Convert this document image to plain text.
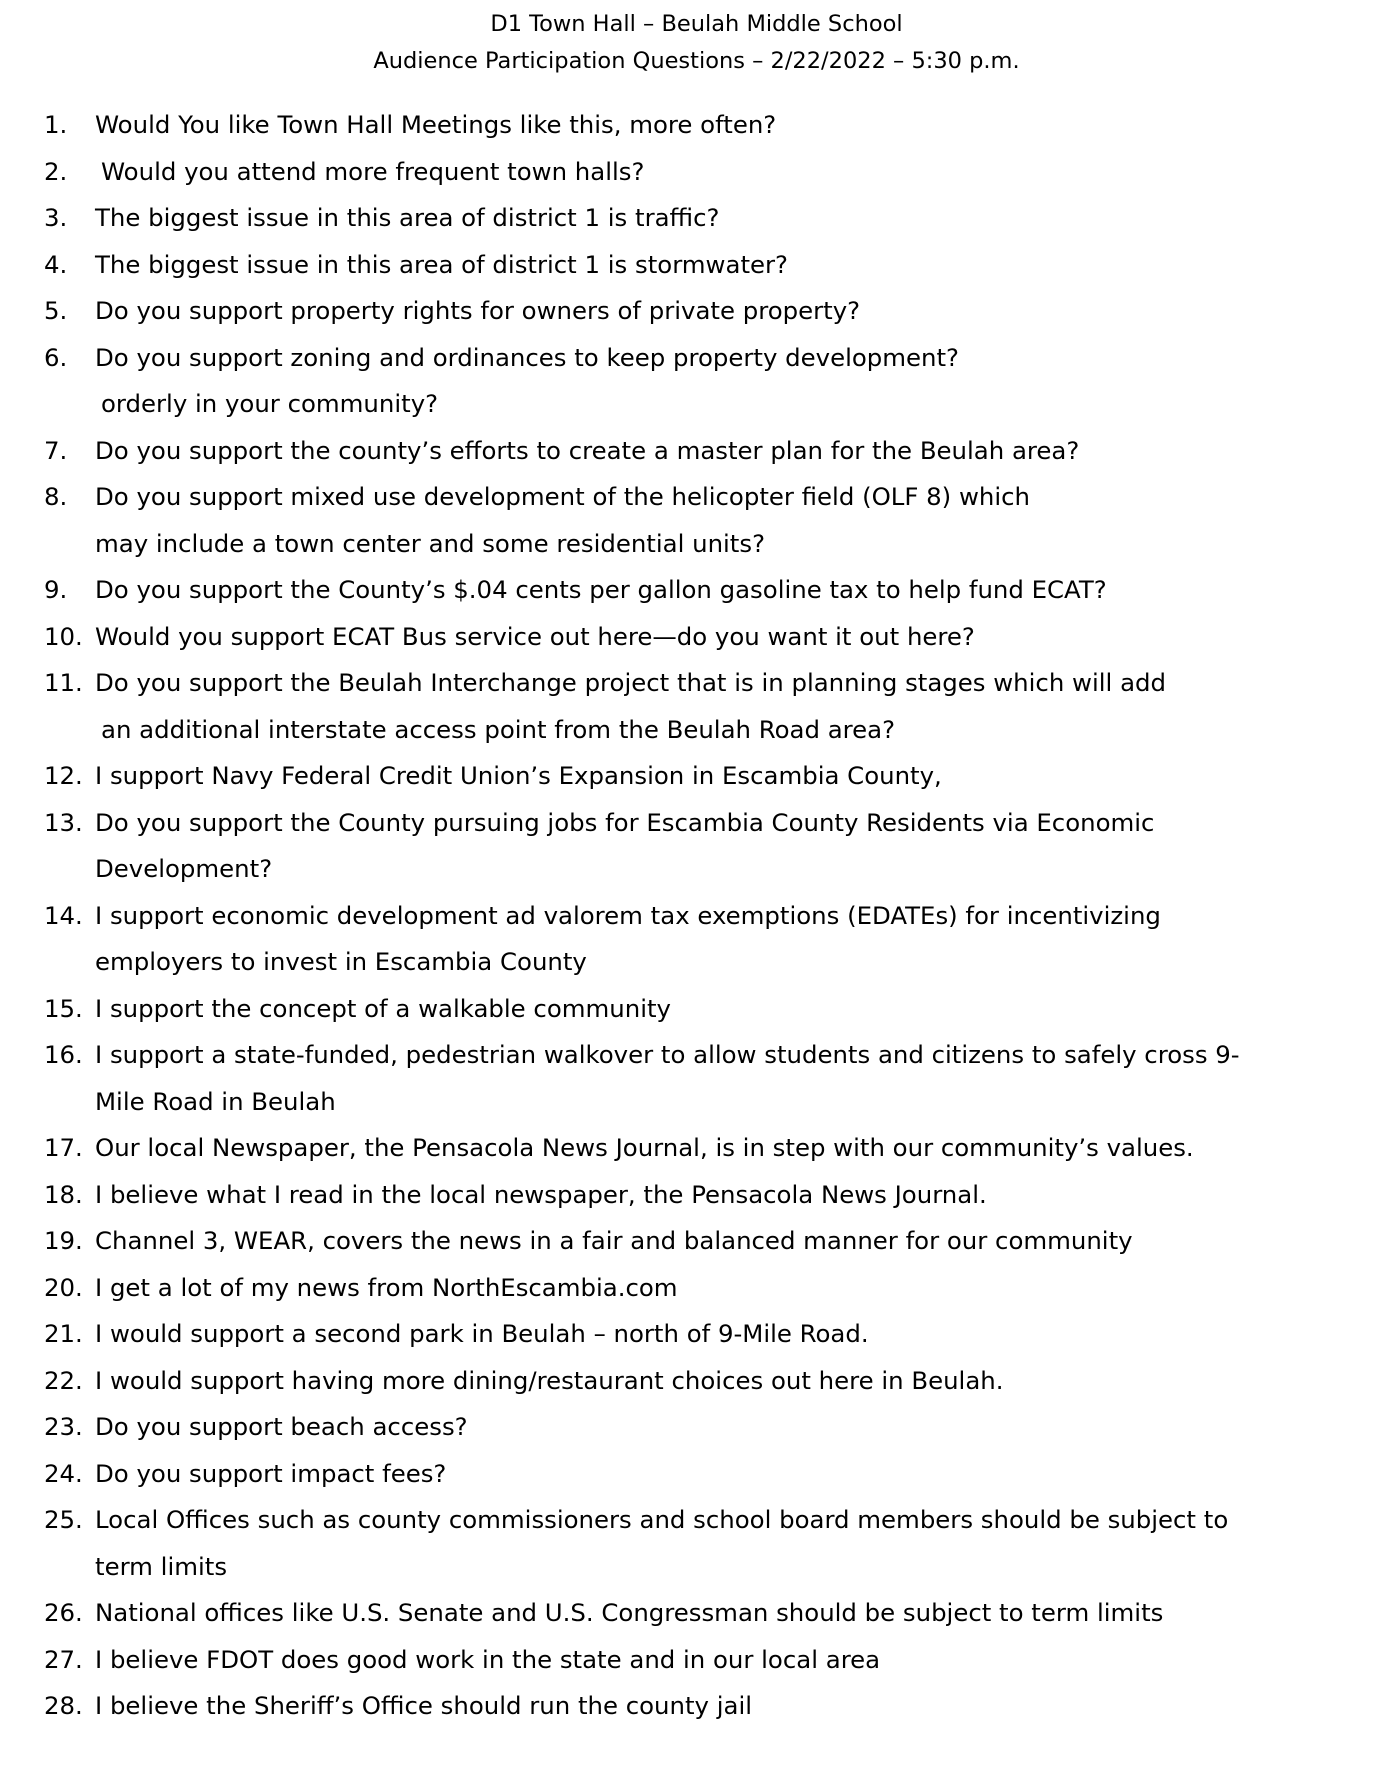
D1 Town Hall – Beulah Middle School
Audience Participation Questions – 2/22/2022 – 5:30 p.m.
1. Would You like Town Hall Meetings like this, more often?
2. Would you attend more frequent town halls?
3. The biggest issue in this area of district 1 is traffic?
4. The biggest issue in this area of district 1 is stormwater?
5. Do you support property rights for owners of private property?
6. Do you support zoning and ordinances to keep property development?
orderly in your community?
7. Do you support the county’s efforts to create a master plan for the Beulah area?
8. Do you support mixed use development of the helicopter field (OLF 8) which
may include a town center and some residential units?
9. Do you support the County’s $.04 cents per gallon gasoline tax to help fund ECAT?
10. Would you support ECAT Bus service out here—do you want it out here?
11. Do you support the Beulah Interchange project that is in planning stages which will add
an additional interstate access point from the Beulah Road area?
12. I support Navy Federal Credit Union’s Expansion in Escambia County,
13. Do you support the County pursuing jobs for Escambia County Residents via Economic
Development?
14. I support economic development ad valorem tax exemptions (EDATEs) for incentivizing
employers to invest in Escambia County
15. I support the concept of a walkable community
16. I support a state-funded, pedestrian walkover to allow students and citizens to safely cross 9-
Mile Road in Beulah
17. Our local Newspaper, the Pensacola News Journal, is in step with our community’s values.
18. I believe what I read in the local newspaper, the Pensacola News Journal.
19. Channel 3, WEAR, covers the news in a fair and balanced manner for our community
20. I get a lot of my news from NorthEscambia.com
21. I would support a second park in Beulah – north of 9-Mile Road.
22. I would support having more dining/restaurant choices out here in Beulah.
23. Do you support beach access?
24. Do you support impact fees?
25. Local Offices such as county commissioners and school board members should be subject to
term limits
26. National offices like U.S. Senate and U.S. Congressman should be subject to term limits
27. I believe FDOT does good work in the state and in our local area
28. I believe the Sheriff’s Office should run the county jail
